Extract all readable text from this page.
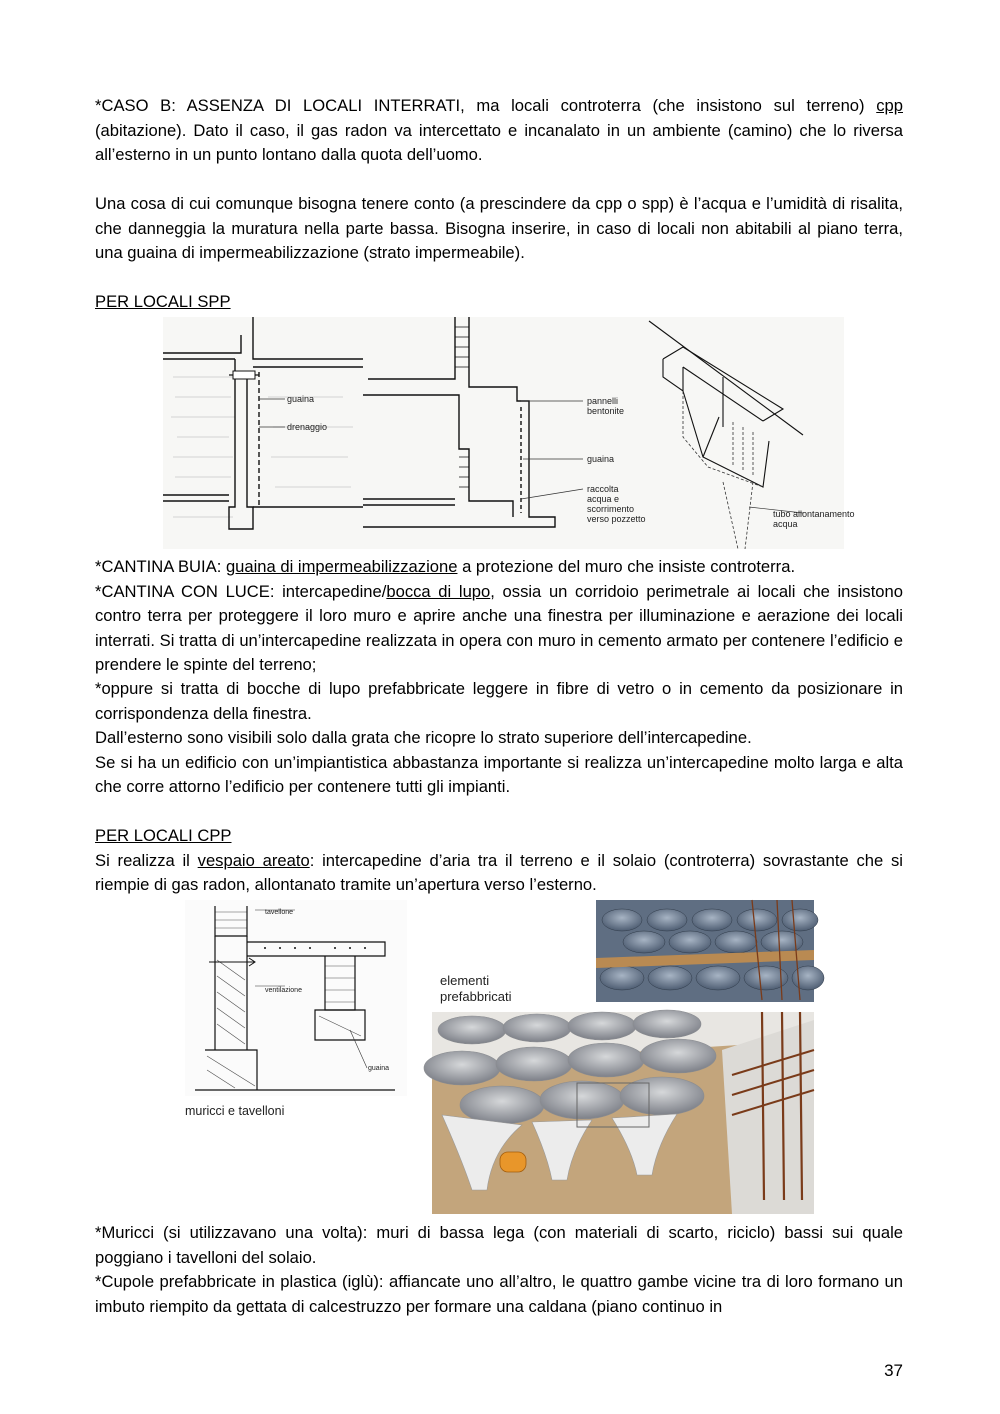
*CASO B: ASSENZA DI LOCALI INTERRATI, ma locali controterra (che insistono sul terreno) cpp (abitazione). Dato il caso, il gas radon va intercettato e incanalato in un ambiente (camino) che lo riversa all’esterno in un punto lontano dalla quota dell’uomo.

Una cosa di cui comunque bisogna tenere conto (a prescindere da cpp o spp) è l’acqua e l’umidità di risalita, che danneggia la muratura nella parte bassa. Bisogna inserire, in caso di locali non abitabili al piano terra, una guaina di impermeabilizzazione (strato impermeabile).

PER LOCALI SPP

guaina
drenaggio
pannelli
bentonite
guaina
raccolta
acqua e
scorrimento
verso pozzetto	tubo allontanamento
acqua

*CANTINA BUIA: guaina di impermeabilizzazione a protezione del muro che insiste controterra.

*CANTINA CON LUCE: intercapedine/bocca di lupo, ossia un corridoio perimetrale ai locali che insistono contro terra per proteggere il loro muro e aprire anche una finestra per illuminazione e aerazione dei locali interrati. Si tratta di un’intercapedine realizzata in opera con muro in cemento armato per contenere l’edificio e prendere le spinte del terreno;

*oppure si tratta di bocche di lupo prefabbricate leggere in fibre di vetro o in cemento da posizionare in corrispondenza della finestra.

Dall’esterno sono visibili solo dalla grata che ricopre lo strato superiore dell’intercapedine.

Se si ha un edificio con un’impiantistica abbastanza importante si realizza un’intercapedine molto larga e alta che corre attorno l’edificio per contenere tutti gli impianti.

PER LOCALI CPP

Si realizza il vespaio areato: intercapedine d’aria tra il terreno e il solaio (controterra) sovrastante che si riempie di gas radon, allontanato tramite un’apertura verso l’esterno.

tavellone
ventilazione
guaina
muricci e tavelloni
elementi
prefabbricati

*Muricci (si utilizzavano una volta): muri di bassa lega (con materiali di scarto, riciclo) bassi sui quale poggiano i tavelloni del solaio.

*Cupole prefabbricate in plastica (iglù): affiancate uno all’altro, le quattro gambe vicine tra di loro formano un imbuto riempito da gettata di calcestruzzo per formare una caldana (piano continuo in

37
